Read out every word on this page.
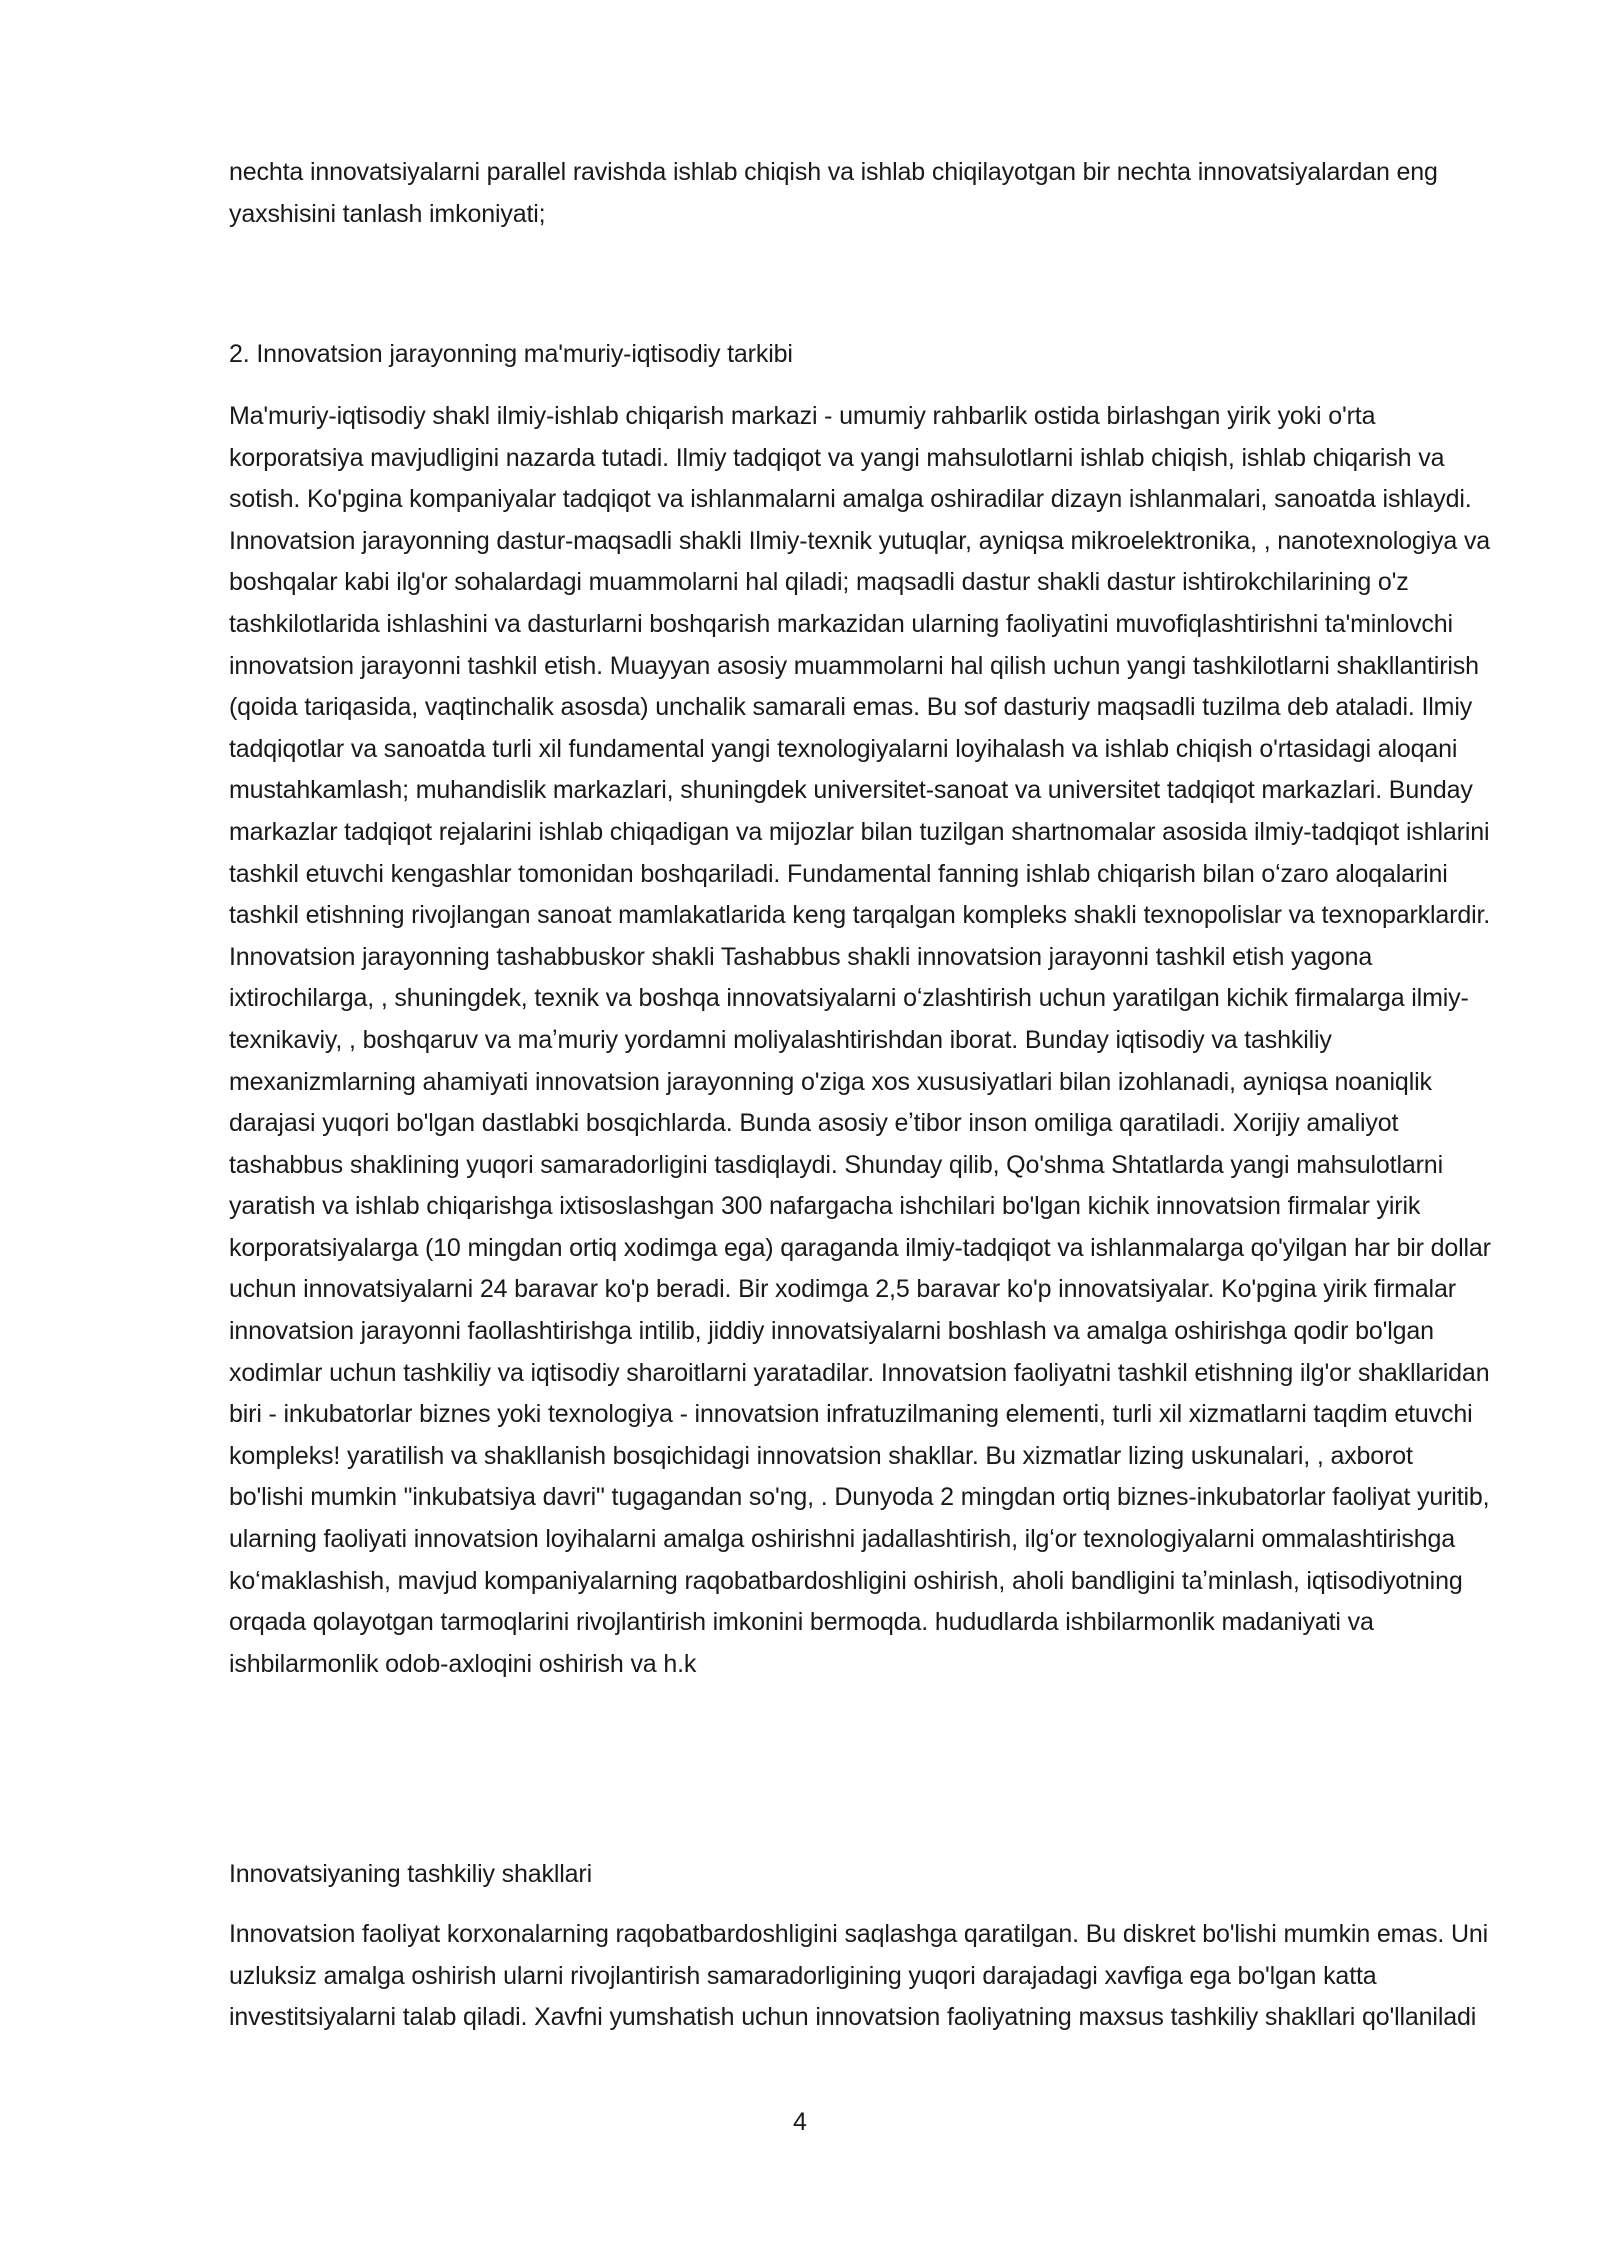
nechta innovatsiyalarni parallel ravishda ishlab chiqish va ishlab chiqilayotgan bir nechta innovatsiyalardan eng yaxshisini tanlash imkoniyati;

2. Innovatsion jarayonning ma'muriy-iqtisodiy tarkibi

Ma'muriy-iqtisodiy shakl ilmiy-ishlab chiqarish markazi - umumiy rahbarlik ostida birlashgan yirik yoki o'rta korporatsiya mavjudligini nazarda tutadi. Ilmiy tadqiqot va yangi mahsulotlarni ishlab chiqish, ishlab chiqarish va sotish. Ko'pgina kompaniyalar tadqiqot va ishlanmalarni amalga oshiradilar dizayn ishlanmalari, sanoatda ishlaydi. Innovatsion jarayonning dastur-maqsadli shakli Ilmiy-texnik yutuqlar, ayniqsa mikroelektronika, , nanotexnologiya va boshqalar kabi ilg'or sohalardagi muammolarni hal qiladi; maqsadli dastur shakli dastur ishtirokchilarining o'z tashkilotlarida ishlashini va dasturlarni boshqarish markazidan ularning faoliyatini muvofiqlashtirishni ta'minlovchi innovatsion jarayonni tashkil etish. Muayyan asosiy muammolarni hal qilish uchun yangi tashkilotlarni shakllantirish (qoida tariqasida, vaqtinchalik asosda) unchalik samarali emas. Bu sof dasturiy maqsadli tuzilma deb ataladi. Ilmiy tadqiqotlar va sanoatda turli xil fundamental yangi texnologiyalarni loyihalash va ishlab chiqish o'rtasidagi aloqani mustahkamlash; muhandislik markazlari, shuningdek universitet-sanoat va universitet tadqiqot markazlari. Bunday markazlar tadqiqot rejalarini ishlab chiqadigan va mijozlar bilan tuzilgan shartnomalar asosida ilmiy-tadqiqot ishlarini tashkil etuvchi kengashlar tomonidan boshqariladi. Fundamental fanning ishlab chiqarish bilan oʻzaro aloqalarini tashkil etishning rivojlangan sanoat mamlakatlarida keng tarqalgan kompleks shakli texnopolislar va texnoparklardir. Innovatsion jarayonning tashabbuskor shakli Tashabbus shakli innovatsion jarayonni tashkil etish yagona ixtirochilarga, , shuningdek, texnik va boshqa innovatsiyalarni oʻzlashtirish uchun yaratilgan kichik firmalarga ilmiy-texnikaviy, , boshqaruv va maʼmuriy yordamni moliyalashtirishdan iborat. Bunday iqtisodiy va tashkiliy mexanizmlarning ahamiyati innovatsion jarayonning o'ziga xos xususiyatlari bilan izohlanadi, ayniqsa noaniqlik darajasi yuqori bo'lgan dastlabki bosqichlarda. Bunda asosiy eʼtibor inson omiliga qaratiladi. Xorijiy amaliyot tashabbus shaklining yuqori samaradorligini tasdiqlaydi. Shunday qilib, Qo'shma Shtatlarda yangi mahsulotlarni yaratish va ishlab chiqarishga ixtisoslashgan 300 nafargacha ishchilari bo'lgan kichik innovatsion firmalar yirik korporatsiyalarga (10 mingdan ortiq xodimga ega) qaraganda ilmiy-tadqiqot va ishlanmalarga qo'yilgan har bir dollar uchun innovatsiyalarni 24 baravar ko'p beradi. Bir xodimga 2,5 baravar ko'p innovatsiyalar. Ko'pgina yirik firmalar innovatsion jarayonni faollashtirishga intilib, jiddiy innovatsiyalarni boshlash va amalga oshirishga qodir bo'lgan xodimlar uchun tashkiliy va iqtisodiy sharoitlarni yaratadilar. Innovatsion faoliyatni tashkil etishning ilg'or shakllaridan biri - inkubatorlar biznes yoki texnologiya - innovatsion infratuzilmaning elementi, turli xil xizmatlarni taqdim etuvchi kompleks! yaratilish va shakllanish bosqichidagi innovatsion shakllar. Bu xizmatlar lizing uskunalari, , axborot bo'lishi mumkin "inkubatsiya davri" tugagandan so'ng, . Dunyoda 2 mingdan ortiq biznes-inkubatorlar faoliyat yuritib, ularning faoliyati innovatsion loyihalarni amalga oshirishni jadallashtirish, ilgʻor texnologiyalarni ommalashtirishga koʻmaklashish, mavjud kompaniyalarning raqobatbardoshligini oshirish, aholi bandligini taʼminlash, iqtisodiyotning orqada qolayotgan tarmoqlarini rivojlantirish imkonini bermoqda. hududlarda ishbilarmonlik madaniyati va ishbilarmonlik odob-axloqini oshirish va h.k

Innovatsiyaning tashkiliy shakllari

Innovatsion faoliyat korxonalarning raqobatbardoshligini saqlashga qaratilgan. Bu diskret bo'lishi mumkin emas. Uni uzluksiz amalga oshirish ularni rivojlantirish samaradorligining yuqori darajadagi xavfiga ega bo'lgan katta investitsiyalarni talab qiladi. Xavfni yumshatish uchun innovatsion faoliyatning maxsus tashkiliy shakllari qo'llaniladi

4
